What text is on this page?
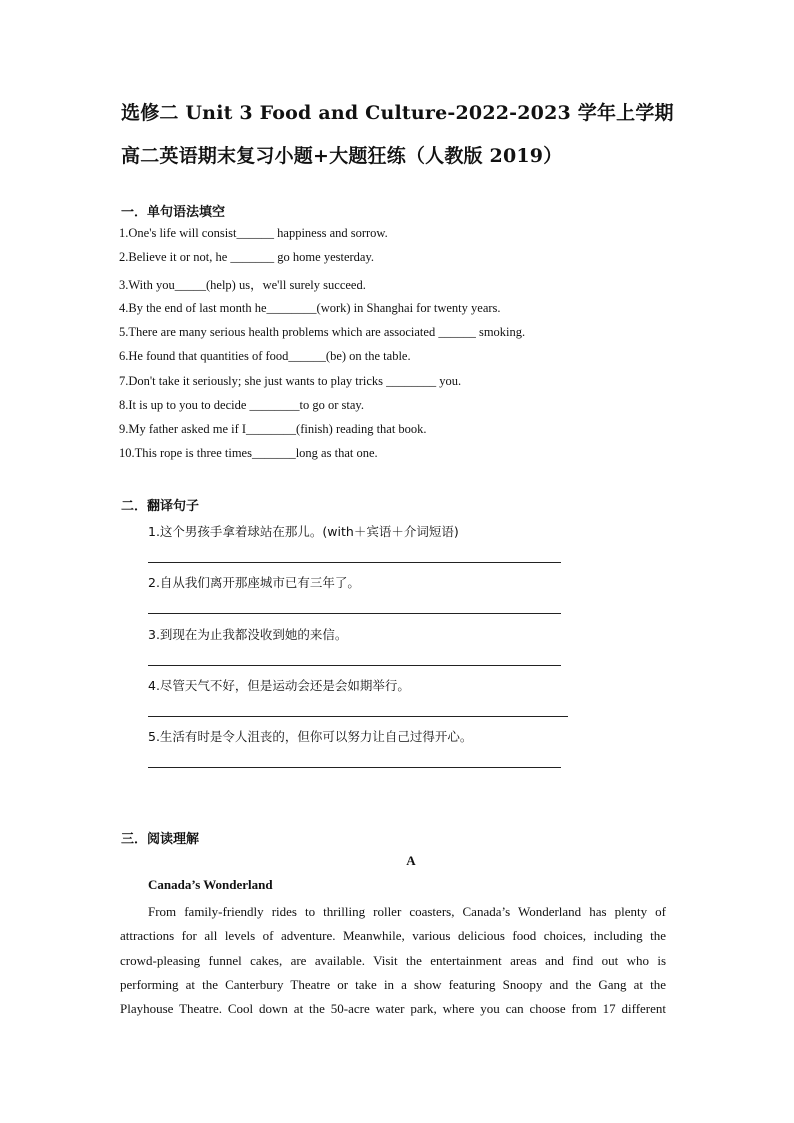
选修二 Unit 3 Food and Culture-2022-2023 学年上学期
高二英语期末复习小题+大题狂练（人教版 2019）
一．单句语法填空
1.One's life will consist______ happiness and sorrow.
2.Believe it or not, he _______ go home yesterday.
3.With you_____(help) us，we'll surely succeed.
4.By the end of last month he________(work) in Shanghai for twenty years.
5.There are many serious health problems which are associated ______ smoking.
6.He found that quantities of food______(be) on the table.
7.Don't take it seriously; she just wants to play tricks ________ you.
8.It is up to you to decide ________to go or stay.
9.My father asked me if I________(finish) reading that book.
10.This rope is three times_______long as that one.
二．翻译句子
1.这个男孩手拿着球站在那儿。(with＋宾语＋介词短语)
2.自从我们离开那座城市已有三年了。
3.到现在为止我都没收到她的来信。
4.尽管天气不好，但是运动会还是会如期举行。
5.生活有时是令人沮丧的，但你可以努力让自己过得开心。
三．阅读理解
A
Canada’s Wonderland
From family-friendly rides to thrilling roller coasters, Canada’s Wonderland has plenty of
attractions for all levels of adventure. Meanwhile, various delicious food choices, including the
crowd-pleasing funnel cakes, are available. Visit the entertainment areas and find out who is
performing at the Canterbury Theatre or take in a show featuring Snoopy and the Gang at the
Playhouse Theatre. Cool down at the 50-acre water park, where you can choose from 17 different
